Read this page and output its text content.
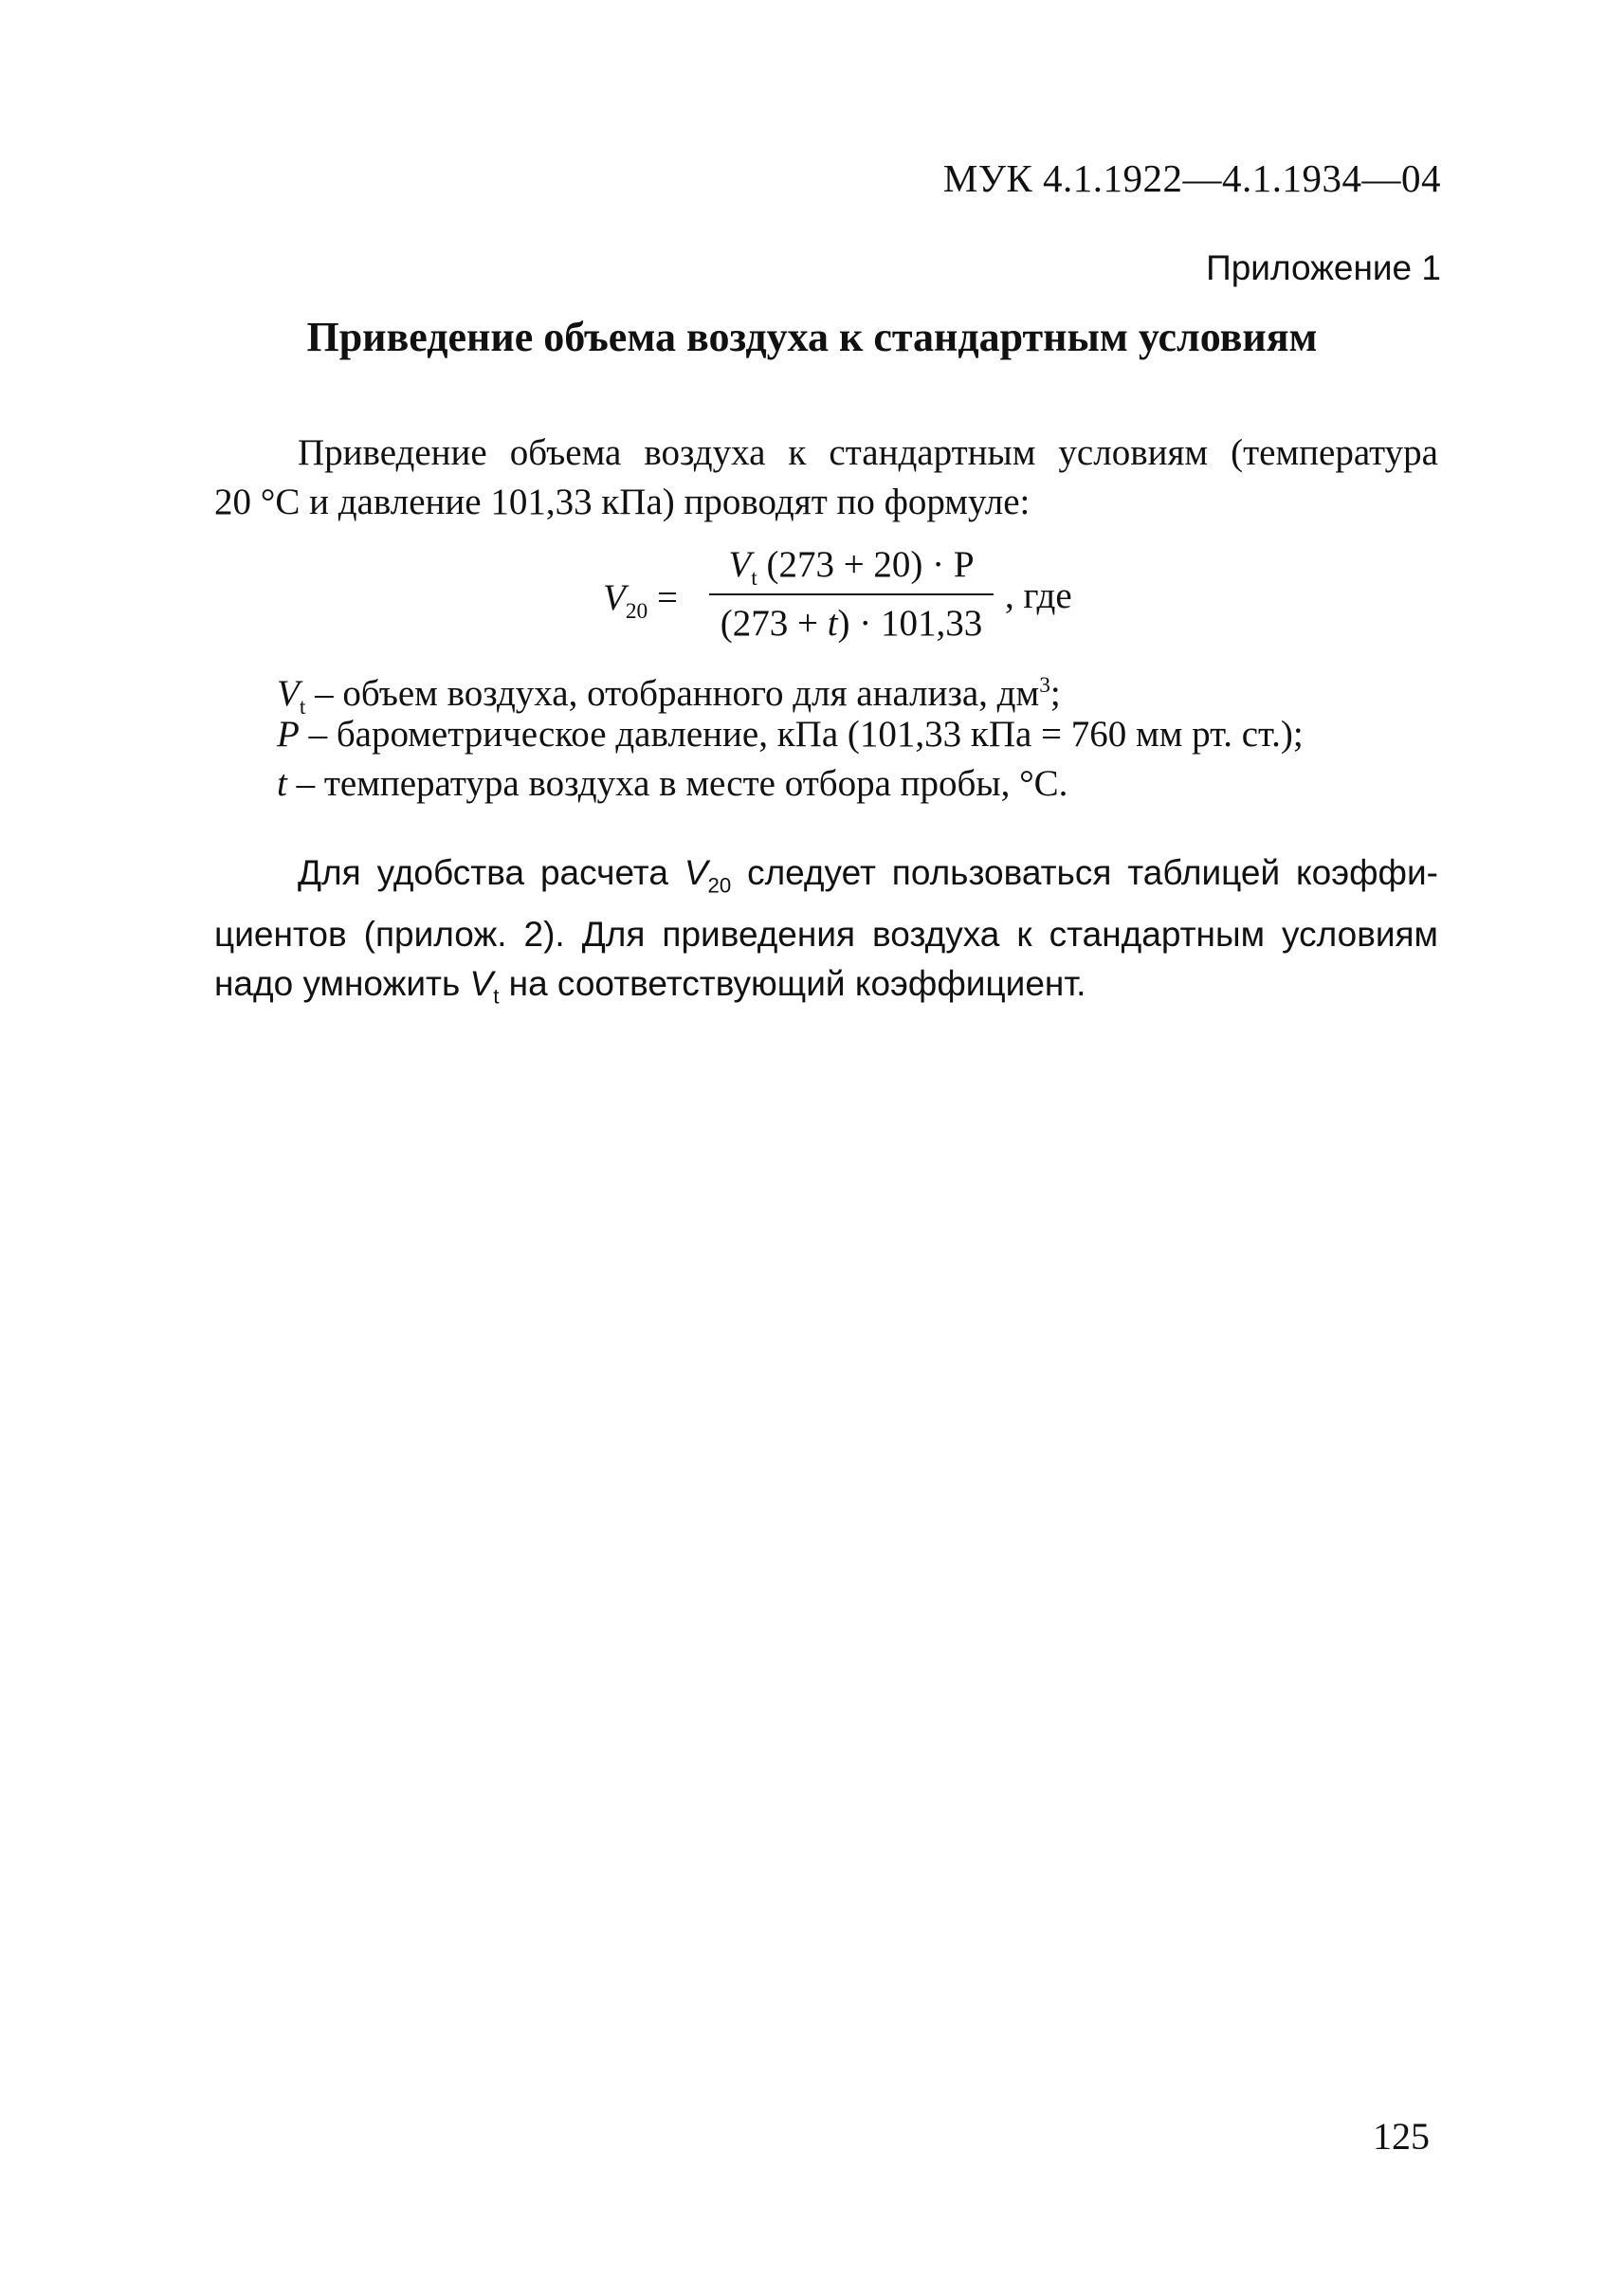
МУК 4.1.1922—4.1.1934—04
Приложение 1
Приведение объема воздуха к стандартным условиям
Приведение объема воздуха к стандартным условиям (температура
20 °С и давление 101,33 кПа) проводят по формуле:
$V_{20}$ =
$V_t$ (273 + 20) · P
(273 + t) · 101,33
, где
$V_t$ – объем воздуха, отобранного для анализа, $дм^3$;
P – барометрическое давление, кПа (101,33 кПа = 760 мм рт. ст.);
t – температура воздуха в месте отбора пробы, °С.
Для удобства расчета $V_{20}$ следует пользоваться таблицей коэффи-
циентов (прилож. 2). Для приведения воздуха к стандартным условиям
надо умножить $V_t$ на соответствующий коэффициент.
125
